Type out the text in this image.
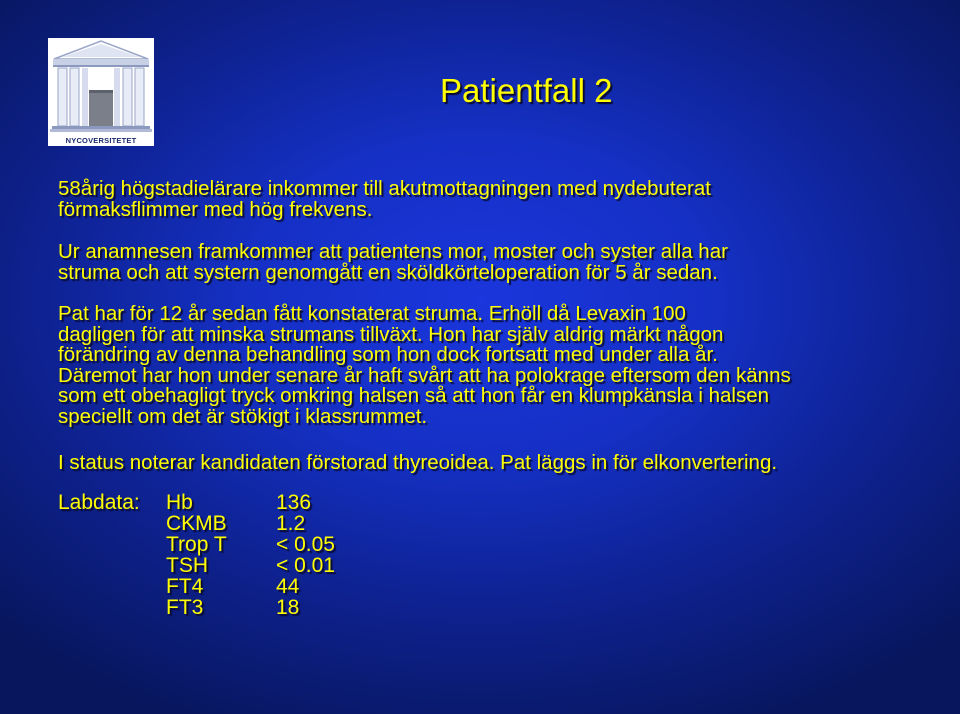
NYCOVERSITETET
Patientfall 2
58årig högstadielärare inkommer till akutmottagningen med nydebuterat
förmaksflimmer med hög frekvens.
Ur anamnesen framkommer att patientens mor, moster och syster alla har
struma och att systern genomgått en sköldkörteloperation för 5 år sedan.
Pat har för 12 år sedan fått konstaterat struma. Erhöll då Levaxin 100
dagligen för att minska strumans tillväxt. Hon har själv aldrig märkt någon
förändring av denna behandling som hon dock fortsatt med under alla år.
Däremot har hon under senare år haft svårt att ha polokrage eftersom den känns
som ett obehagligt tryck omkring halsen så att hon får en klumpkänsla i halsen
speciellt om det är stökigt i klassrummet.
I status noterar kandidaten förstorad thyreoidea. Pat läggs in för elkonvertering.
Labdata: Hb	136
CKMB 1.2
Trop T < 0.05
TSH	< 0.01
FT4	44
FT3	18
